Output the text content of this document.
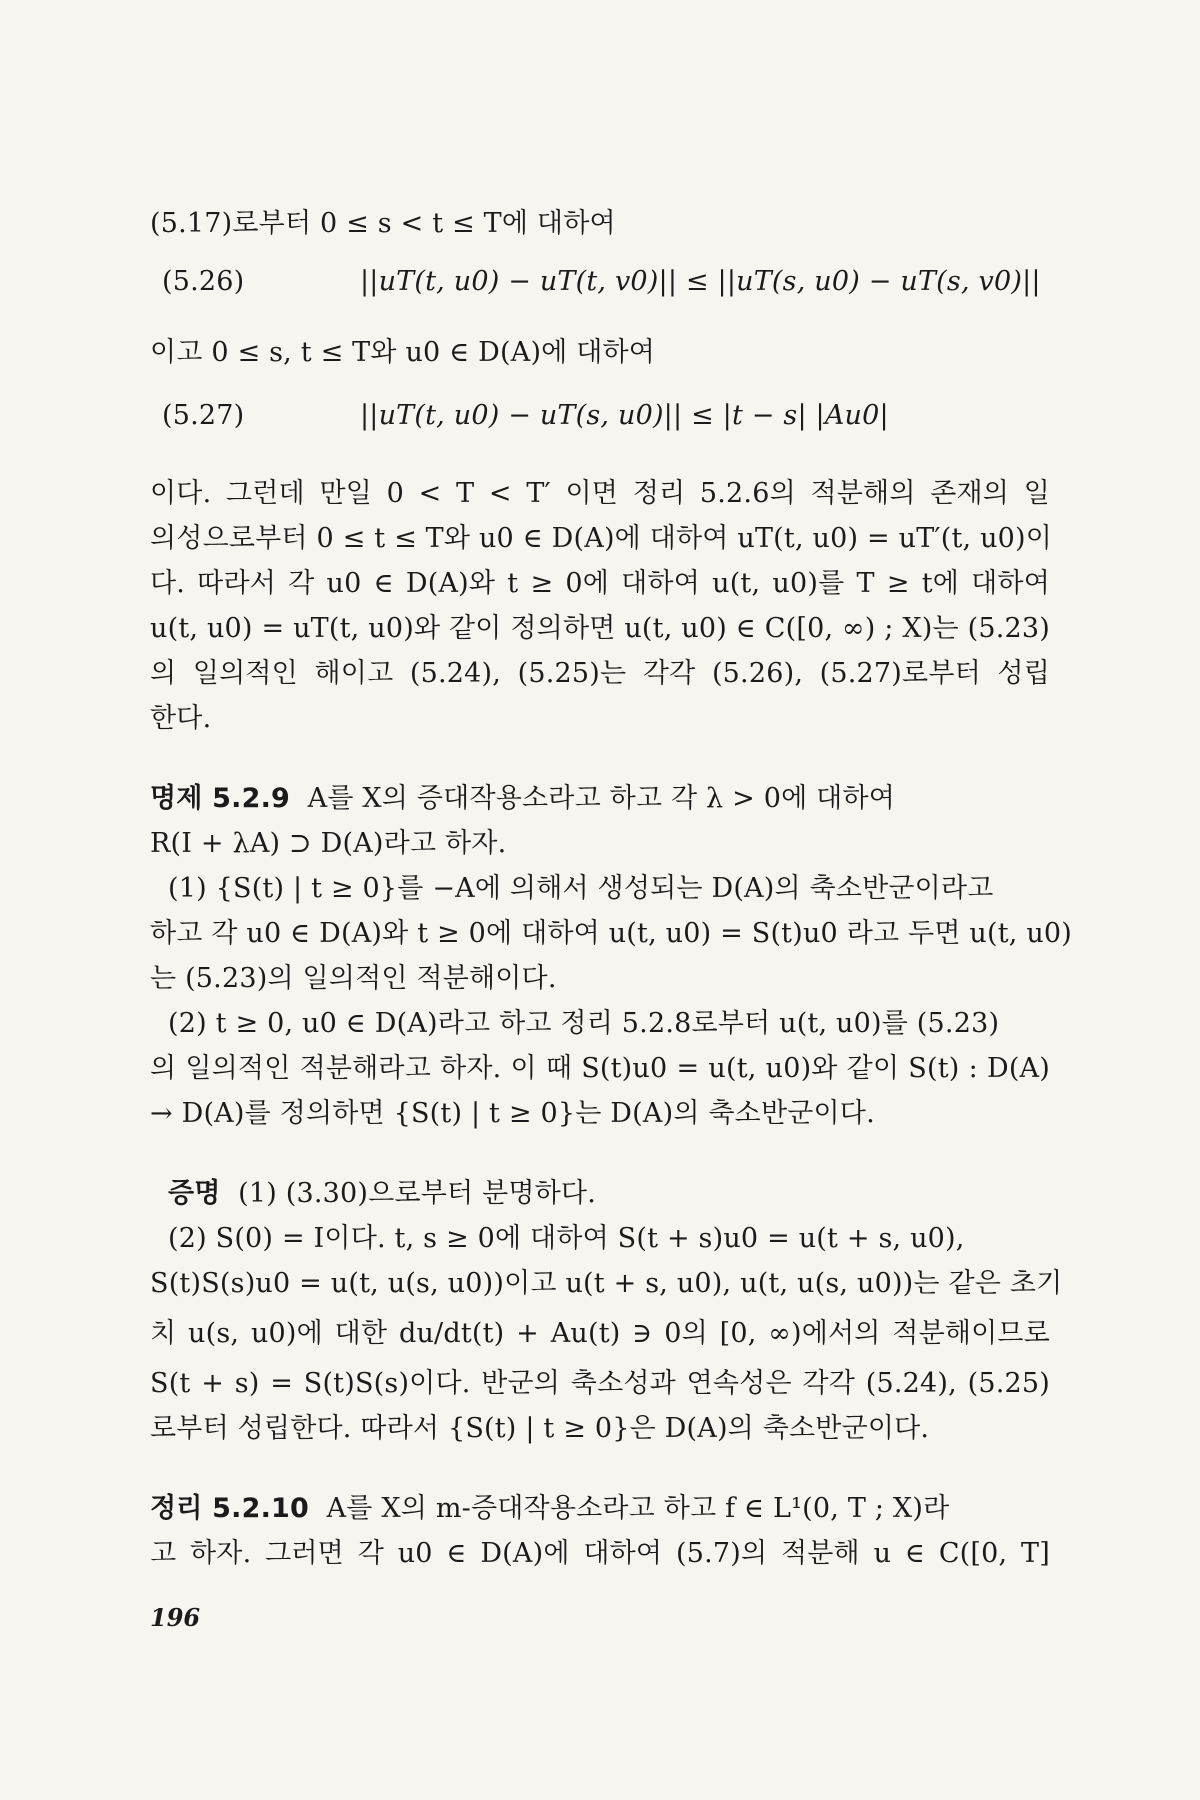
(5.17)로부터 0 ≤ s < t ≤ T에 대하여
(5.26)	||uT(t, u0) − uT(t, v0)|| ≤ ||uT(s, u0) − uT(s, v0)||
이고 0 ≤ s, t ≤ T와 u0 ∈ D(A)에 대하여
(5.27)	||uT(t, u0) − uT(s, u0)|| ≤ |t − s| |Au0|
이다. 그런데 만일 0 < T < T′ 이면 정리 5.2.6의 적분해의 존재의 일
의성으로부터 0 ≤ t ≤ T와 u0 ∈ D(A)에 대하여 uT(t, u0) = uT′(t, u0)이
다. 따라서 각 u0 ∈ D(A)와 t ≥ 0에 대하여 u(t, u0)를 T ≥ t에 대하여
u(t, u0) = uT(t, u0)와 같이 정의하면 u(t, u0) ∈ C([0, ∞) ; X)는 (5.23)
의 일의적인 해이고 (5.24), (5.25)는 각각 (5.26), (5.27)로부터 성립
한다.
명제 5.2.9 A를 X의 증대작용소라고 하고 각 λ > 0에 대하여
R(I + λA) ⊃ D(A)라고 하자.
(1) {S(t) | t ≥ 0}를 −A에 의해서 생성되는 D(A)의 축소반군이라고
하고 각 u0 ∈ D(A)와 t ≥ 0에 대하여 u(t, u0) = S(t)u0 라고 두면 u(t, u0)
는 (5.23)의 일의적인 적분해이다.
(2) t ≥ 0, u0 ∈ D(A)라고 하고 정리 5.2.8로부터 u(t, u0)를 (5.23)
의 일의적인 적분해라고 하자. 이 때 S(t)u0 = u(t, u0)와 같이 S(t) : D(A)
→ D(A)를 정의하면 {S(t) | t ≥ 0}는 D(A)의 축소반군이다.
증명 (1) (3.30)으로부터 분명하다.
(2) S(0) = I이다. t, s ≥ 0에 대하여 S(t + s)u0 = u(t + s, u0),
S(t)S(s)u0 = u(t, u(s, u0))이고 u(t + s, u0), u(t, u(s, u0))는 같은 초기
치 u(s, u0)에 대한 du/dt(t) + Au(t) ∋ 0의 [0, ∞)에서의 적분해이므로
S(t + s) = S(t)S(s)이다. 반군의 축소성과 연속성은 각각 (5.24), (5.25)
로부터 성립한다. 따라서 {S(t) | t ≥ 0}은 D(A)의 축소반군이다.
정리 5.2.10 A를 X의 m-증대작용소라고 하고 f ∈ L¹(0, T ; X)라
고 하자. 그러면 각 u0 ∈ D(A)에 대하여 (5.7)의 적분해 u ∈ C([0, T]
196
